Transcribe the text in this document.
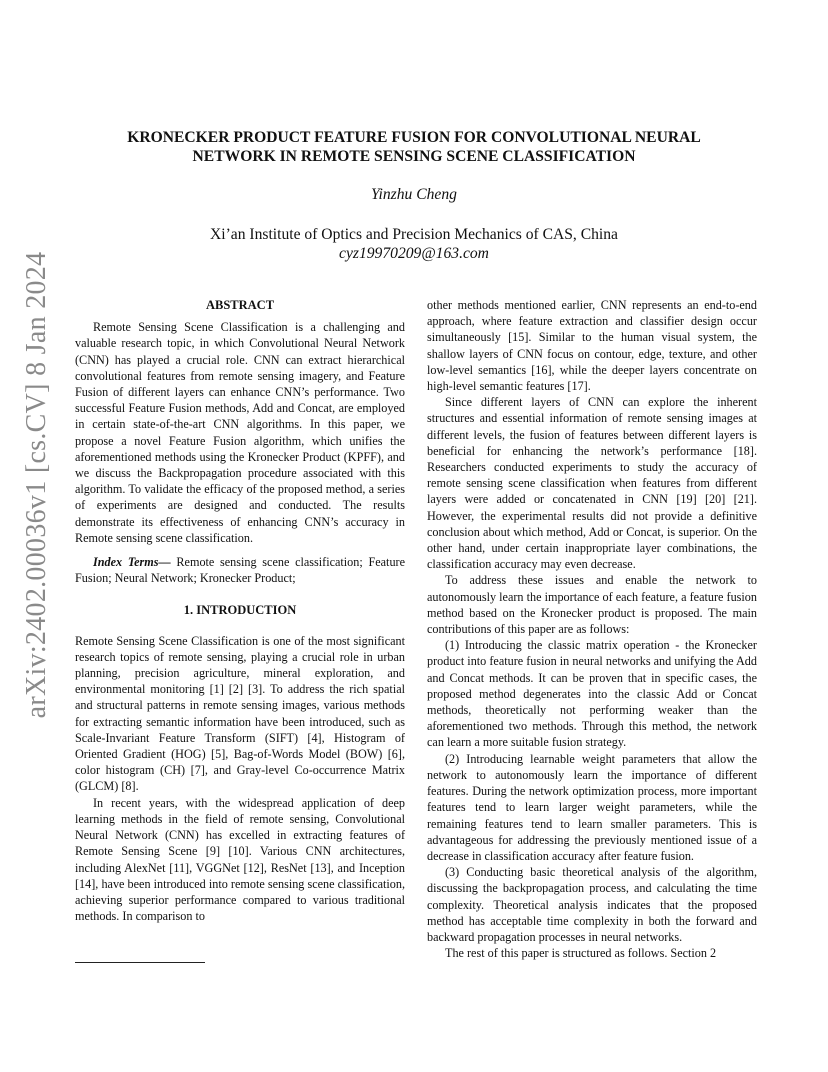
arXiv:2402.00036v1 [cs.CV] 8 Jan 2024
KRONECKER PRODUCT FEATURE FUSION FOR CONVOLUTIONAL NEURAL NETWORK IN REMOTE SENSING SCENE CLASSIFICATION
Yinzhu Cheng
Xi’an Institute of Optics and Precision Mechanics of CAS, China
cyz19970209@163.com
ABSTRACT

Remote Sensing Scene Classification is a challenging and valuable research topic, in which Convolutional Neural Network (CNN) has played a crucial role. CNN can extract hierarchical convolutional features from remote sensing imagery, and Feature Fusion of different layers can enhance CNN’s performance. Two successful Feature Fusion methods, Add and Concat, are employed in certain state-of-the-art CNN algorithms. In this paper, we propose a novel Feature Fusion algorithm, which unifies the aforementioned methods using the Kronecker Product (KPFF), and we discuss the Backpropagation procedure associated with this algorithm. To validate the efficacy of the proposed method, a series of experiments are designed and conducted. The results demonstrate its effectiveness of enhancing CNN’s accuracy in Remote sensing scene classification.

Index Terms— Remote sensing scene classification; Feature Fusion; Neural Network; Kronecker Product;

1. INTRODUCTION

Remote Sensing Scene Classification is one of the most significant research topics of remote sensing, playing a crucial role in urban planning, precision agriculture, mineral exploration, and environmental monitoring [1] [2] [3]. To address the rich spatial and structural patterns in remote sensing images, various methods for extracting semantic information have been introduced, such as Scale-Invariant Feature Transform (SIFT) [4], Histogram of Oriented Gradient (HOG) [5], Bag-of-Words Model (BOW) [6], color histogram (CH) [7], and Gray-level Co-occurrence Matrix (GLCM) [8].

In recent years, with the widespread application of deep learning methods in the field of remote sensing, Convolutional Neural Network (CNN) has excelled in extracting features of Remote Sensing Scene [9] [10]. Various CNN architectures, including AlexNet [11], VGGNet [12], ResNet [13], and Inception [14], have been introduced into remote sensing scene classification, achieving superior performance compared to various traditional methods. In comparison to

other methods mentioned earlier, CNN represents an end-to-end approach, where feature extraction and classifier design occur simultaneously [15]. Similar to the human visual system, the shallow layers of CNN focus on contour, edge, texture, and other low-level semantics [16], while the deeper layers concentrate on high-level semantic features [17].

Since different layers of CNN can explore the inherent structures and essential information of remote sensing images at different levels, the fusion of features between different layers is beneficial for enhancing the network’s performance [18]. Researchers conducted experiments to study the accuracy of remote sensing scene classification when features from different layers were added or concatenated in CNN [19] [20] [21]. However, the experimental results did not provide a definitive conclusion about which method, Add or Concat, is superior. On the other hand, under certain inappropriate layer combinations, the classification accuracy may even decrease.

To address these issues and enable the network to autonomously learn the importance of each feature, a feature fusion method based on the Kronecker product is proposed. The main contributions of this paper are as follows:

(1) Introducing the classic matrix operation - the Kronecker product into feature fusion in neural networks and unifying the Add and Concat methods. It can be proven that in specific cases, the proposed method degenerates into the classic Add or Concat methods, theoretically not performing weaker than the aforementioned two methods. Through this method, the network can learn a more suitable fusion strategy.

(2) Introducing learnable weight parameters that allow the network to autonomously learn the importance of different features. During the network optimization process, more important features tend to learn larger weight parameters, while the remaining features tend to learn smaller parameters. This is advantageous for addressing the previously mentioned issue of a decrease in classification accuracy after feature fusion.

(3) Conducting basic theoretical analysis of the algorithm, discussing the backpropagation process, and calculating the time complexity. Theoretical analysis indicates that the proposed method has acceptable time complexity in both the forward and backward propagation processes in neural networks.

The rest of this paper is structured as follows. Section 2
